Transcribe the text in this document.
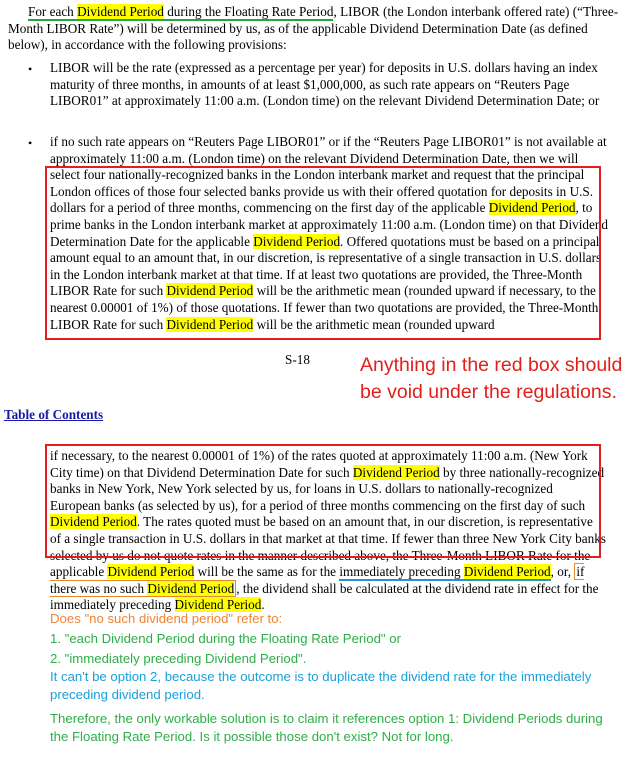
For each Dividend Period during the Floating Rate Period, LIBOR (the London interbank offered rate) (“Three-Month LIBOR Rate”) will be determined by us, as of the applicable Dividend Determination Date (as defined below), in accordance with the following provisions:
• LIBOR will be the rate (expressed as a percentage per year) for deposits in U.S. dollars having an index maturity of three months, in amounts of at least $1,000,000, as such rate appears on “Reuters Page LIBOR01” at approximately 11:00 a.m. (London time) on the relevant Dividend Determination Date; or
• if no such rate appears on “Reuters Page LIBOR01” or if the “Reuters Page LIBOR01” is not available at approximately 11:00 a.m. (London time) on the relevant Dividend Determination Date, then we will select four nationally-recognized banks in the London interbank market and request that the principal London offices of those four selected banks provide us with their offered quotation for deposits in U.S. dollars for a period of three months, commencing on the first day of the applicable Dividend Period, to prime banks in the London interbank market at approximately 11:00 a.m. (London time) on that Dividend Determination Date for the applicable Dividend Period. Offered quotations must be based on a principal amount equal to an amount that, in our discretion, is representative of a single transaction in U.S. dollars in the London interbank market at that time. If at least two quotations are provided, the Three-Month LIBOR Rate for such Dividend Period will be the arithmetic mean (rounded upward if necessary, to the nearest 0.00001 of 1%) of those quotations. If fewer than two quotations are provided, the Three-Month LIBOR Rate for such Dividend Period will be the arithmetic mean (rounded upward
S-18	Anything in the red box should be void under the regulations.
Table of Contents
if necessary, to the nearest 0.00001 of 1%) of the rates quoted at approximately 11:00 a.m. (New York City time) on that Dividend Determination Date for such Dividend Period by three nationally-recognized banks in New York, New York selected by us, for loans in U.S. dollars to nationally-recognized European banks (as selected by us), for a period of three months commencing on the first day of such Dividend Period. The rates quoted must be based on an amount that, in our discretion, is representative of a single transaction in U.S. dollars in that market at that time. If fewer than three New York City banks selected by us do not quote rates in the manner described above, the Three-Month LIBOR Rate for the applicable Dividend Period will be the same as for the immediately preceding Dividend Period, or, if there was no such Dividend Period , the dividend shall be calculated at the dividend rate in effect for the immediately preceding Dividend Period.
Does "no such dividend period" refer to:
1. "each Dividend Period during the Floating Rate Period" or
2. "immediately preceding Dividend Period".
It can't be option 2, because the outcome is to duplicate the dividend rate for the immediately preceding dividend period.
Therefore, the only workable solution is to claim it references option 1: Dividend Periods during the Floating Rate Period. Is it possible those don't exist? Not for long.
